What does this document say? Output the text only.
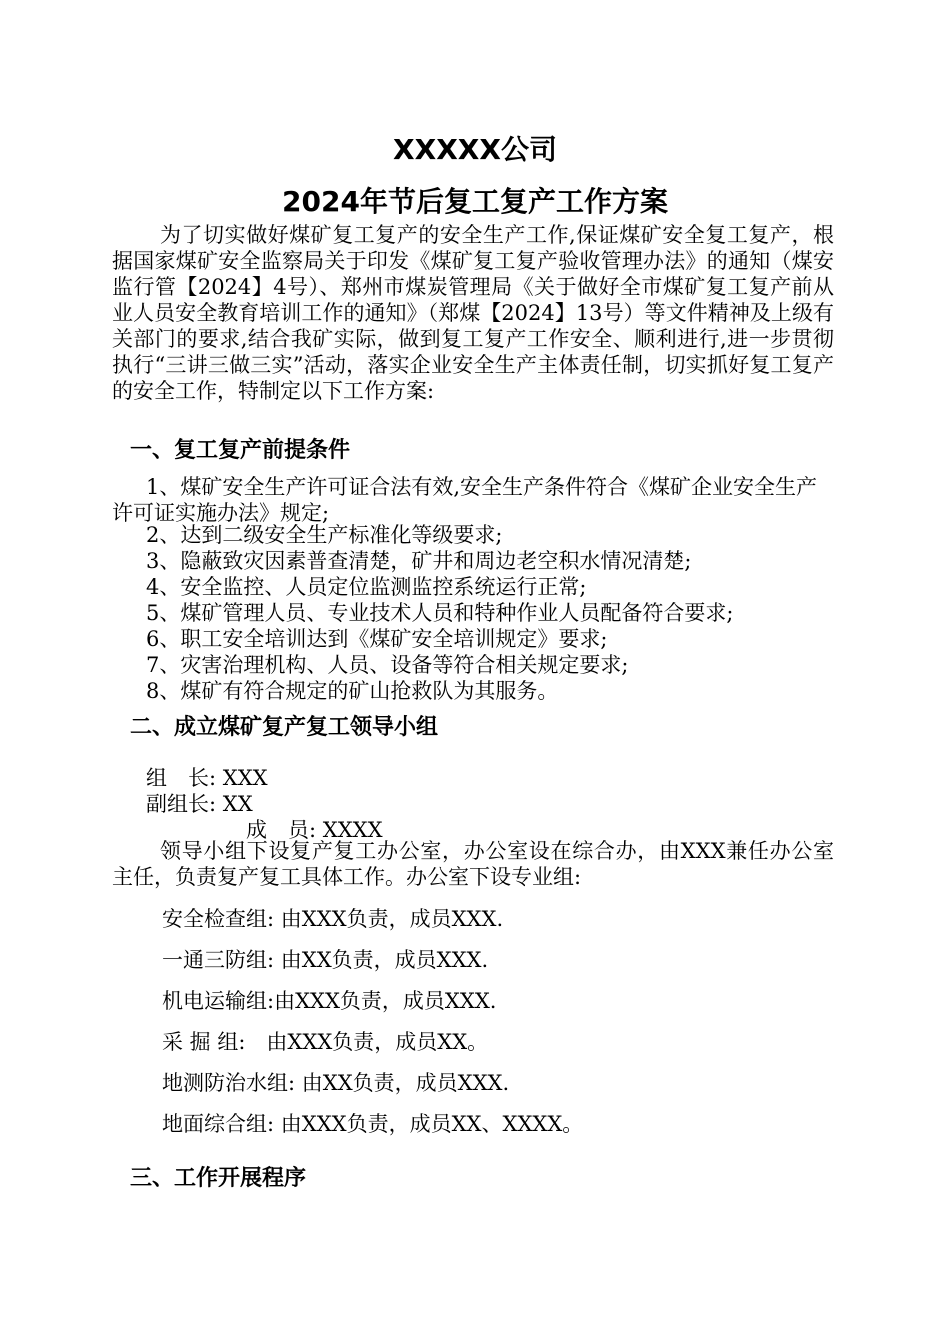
XXXXX公司
2024年节后复工复产工作方案

为了切实做好煤矿复工复产的安全生产工作,保证煤矿安全复工复产，根据国家煤矿安全监察局关于印发《煤矿复工复产验收管理办法》的通知（煤安监行管【2024】4号）、郑州市煤炭管理局《关于做好全市煤矿复工复产前从业人员安全教育培训工作的通知》（郑煤【2024】13号）等文件精神及上级有关部门的要求,结合我矿实际，做到复工复产工作安全、顺利进行,进一步贯彻执行“三讲三做三实”活动，落实企业安全生产主体责任制，切实抓好复工复产的安全工作，特制定以下工作方案:

一、复工复产前提条件

1、煤矿安全生产许可证合法有效,安全生产条件符合《煤矿企业安全生产许可证实施办法》规定;

2、达到二级安全生产标准化等级要求;

3、隐蔽致灾因素普查清楚，矿井和周边老空积水情况清楚;

4、安全监控、人员定位监测监控系统运行正常;

5、煤矿管理人员、专业技术人员和特种作业人员配备符合要求;

6、职工安全培训达到《煤矿安全培训规定》要求;

7、灾害治理机构、人员、设备等符合相关规定要求;

8、煤矿有符合规定的矿山抢救队为其服务。

二、成立煤矿复产复工领导小组
组　长: XXX
副组长: XX
成　员: XXXX

领导小组下设复产复工办公室，办公室设在综合办，由XXX兼任办公室主任，负责复产复工具体工作。办公室下设专业组:

安全检查组: 由XXX负责，成员XXX.
一通三防组: 由XX负责，成员XXX.
机电运输组:由XXX负责，成员XXX.
采 掘 组:　由XXX负责，成员XX。
地测防治水组: 由XX负责，成员XXX.
地面综合组: 由XXX负责，成员XX、XXXX。
三、工作开展程序
